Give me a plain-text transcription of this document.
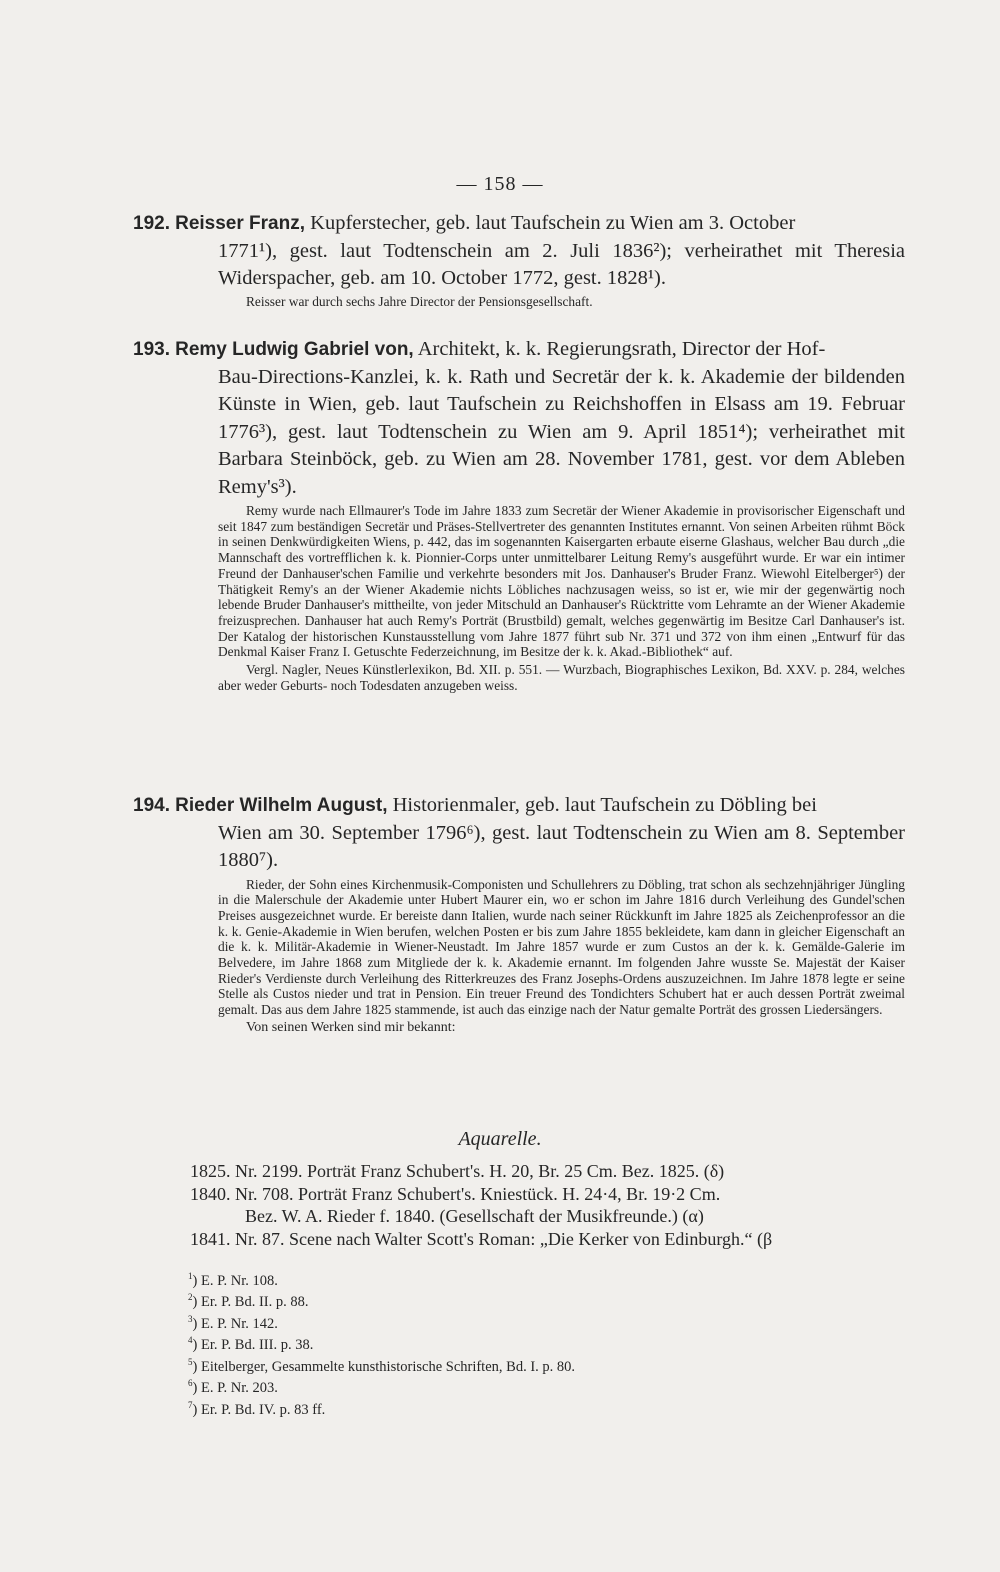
— 158 —
192. Reisser Franz, Kupferstecher, geb. laut Taufschein zu Wien am 3. October
1771¹), gest. laut Todtenschein am 2. Juli 1836²); verheirathet mit Theresia Widerspacher, geb. am 10. October 1772, gest. 1828¹).

Reisser war durch sechs Jahre Director der Pensionsgesellschaft.

193. Remy Ludwig Gabriel von, Architekt, k. k. Regierungsrath, Director der Hof-
Bau-Directions-Kanzlei, k. k. Rath und Secretär der k. k. Akademie der bildenden Künste in Wien, geb. laut Taufschein zu Reichshoffen in Elsass am 19. Februar 1776³), gest. laut Todtenschein zu Wien am 9. April 1851⁴); verheirathet mit Barbara Steinböck, geb. zu Wien am 28. November 1781, gest. vor dem Ableben Remy's³).

Remy wurde nach Ellmaurer's Tode im Jahre 1833 zum Secretär der Wiener Akademie in provisorischer Eigenschaft und seit 1847 zum beständigen Secretär und Präses-Stellvertreter des genannten Institutes ernannt. Von seinen Arbeiten rühmt Böck in seinen Denkwürdigkeiten Wiens, p. 442, das im sogenannten Kaisergarten erbaute eiserne Glashaus, welcher Bau durch „die Mannschaft des vortrefflichen k. k. Pionnier-Corps unter unmittelbarer Leitung Remy's ausgeführt wurde. Er war ein intimer Freund der Danhauser'schen Familie und verkehrte besonders mit Jos. Danhauser's Bruder Franz. Wiewohl Eitelberger⁵) der Thätigkeit Remy's an der Wiener Akademie nichts Löbliches nachzusagen weiss, so ist er, wie mir der gegenwärtig noch lebende Bruder Danhauser's mittheilte, von jeder Mitschuld an Danhauser's Rücktritte vom Lehramte an der Wiener Akademie freizusprechen. Danhauser hat auch Remy's Porträt (Brustbild) gemalt, welches gegenwärtig im Besitze Carl Danhauser's ist. Der Katalog der historischen Kunstausstellung vom Jahre 1877 führt sub Nr. 371 und 372 von ihm einen „Entwurf für das Denkmal Kaiser Franz I. Getuschte Federzeichnung, im Besitze der k. k. Akad.-Bibliothek“ auf.

Vergl. Nagler, Neues Künstlerlexikon, Bd. XII. p. 551. — Wurzbach, Biographisches Lexikon, Bd. XXV. p. 284, welches aber weder Geburts- noch Todesdaten anzugeben weiss.

194. Rieder Wilhelm August, Historienmaler, geb. laut Taufschein zu Döbling bei
Wien am 30. September 1796⁶), gest. laut Todtenschein zu Wien am 8. September 1880⁷).

Rieder, der Sohn eines Kirchenmusik-Componisten und Schullehrers zu Döbling, trat schon als sechzehnjähriger Jüngling in die Malerschule der Akademie unter Hubert Maurer ein, wo er schon im Jahre 1816 durch Verleihung des Gundel'schen Preises ausgezeichnet wurde. Er bereiste dann Italien, wurde nach seiner Rückkunft im Jahre 1825 als Zeichenprofessor an die k. k. Genie-Akademie in Wien berufen, welchen Posten er bis zum Jahre 1855 bekleidete, kam dann in gleicher Eigenschaft an die k. k. Militär-Akademie in Wiener-Neustadt. Im Jahre 1857 wurde er zum Custos an der k. k. Gemälde-Galerie im Belvedere, im Jahre 1868 zum Mitgliede der k. k. Akademie ernannt. Im folgenden Jahre wusste Se. Majestät der Kaiser Rieder's Verdienste durch Verleihung des Ritterkreuzes des Franz Josephs-Ordens auszuzeichnen. Im Jahre 1878 legte er seine Stelle als Custos nieder und trat in Pension. Ein treuer Freund des Tondichters Schubert hat er auch dessen Porträt zweimal gemalt. Das aus dem Jahre 1825 stammende, ist auch das einzige nach der Natur gemalte Porträt des grossen Liedersängers.

Von seinen Werken sind mir bekannt:

Aquarelle.
1825. Nr. 2199. Porträt Franz Schubert's. H. 20, Br. 25 Cm. Bez. 1825. (δ)
1840. Nr. 708. Porträt Franz Schubert's. Kniestück. H. 24·4, Br. 19·2 Cm.
Bez. W. A. Rieder f. 1840. (Gesellschaft der Musikfreunde.) (α)
1841. Nr. 87. Scene nach Walter Scott's Roman: „Die Kerker von Edinburgh.“ (β
$^1$) E. P. Nr. 108.
$^2$) Er. P. Bd. II. p. 88.
$^3$) E. P. Nr. 142.
$^4$) Er. P. Bd. III. p. 38.
$^5$) Eitelberger, Gesammelte kunsthistorische Schriften, Bd. I. p. 80.
$^6$) E. P. Nr. 203.
$^7$) Er. P. Bd. IV. p. 83 ff.
